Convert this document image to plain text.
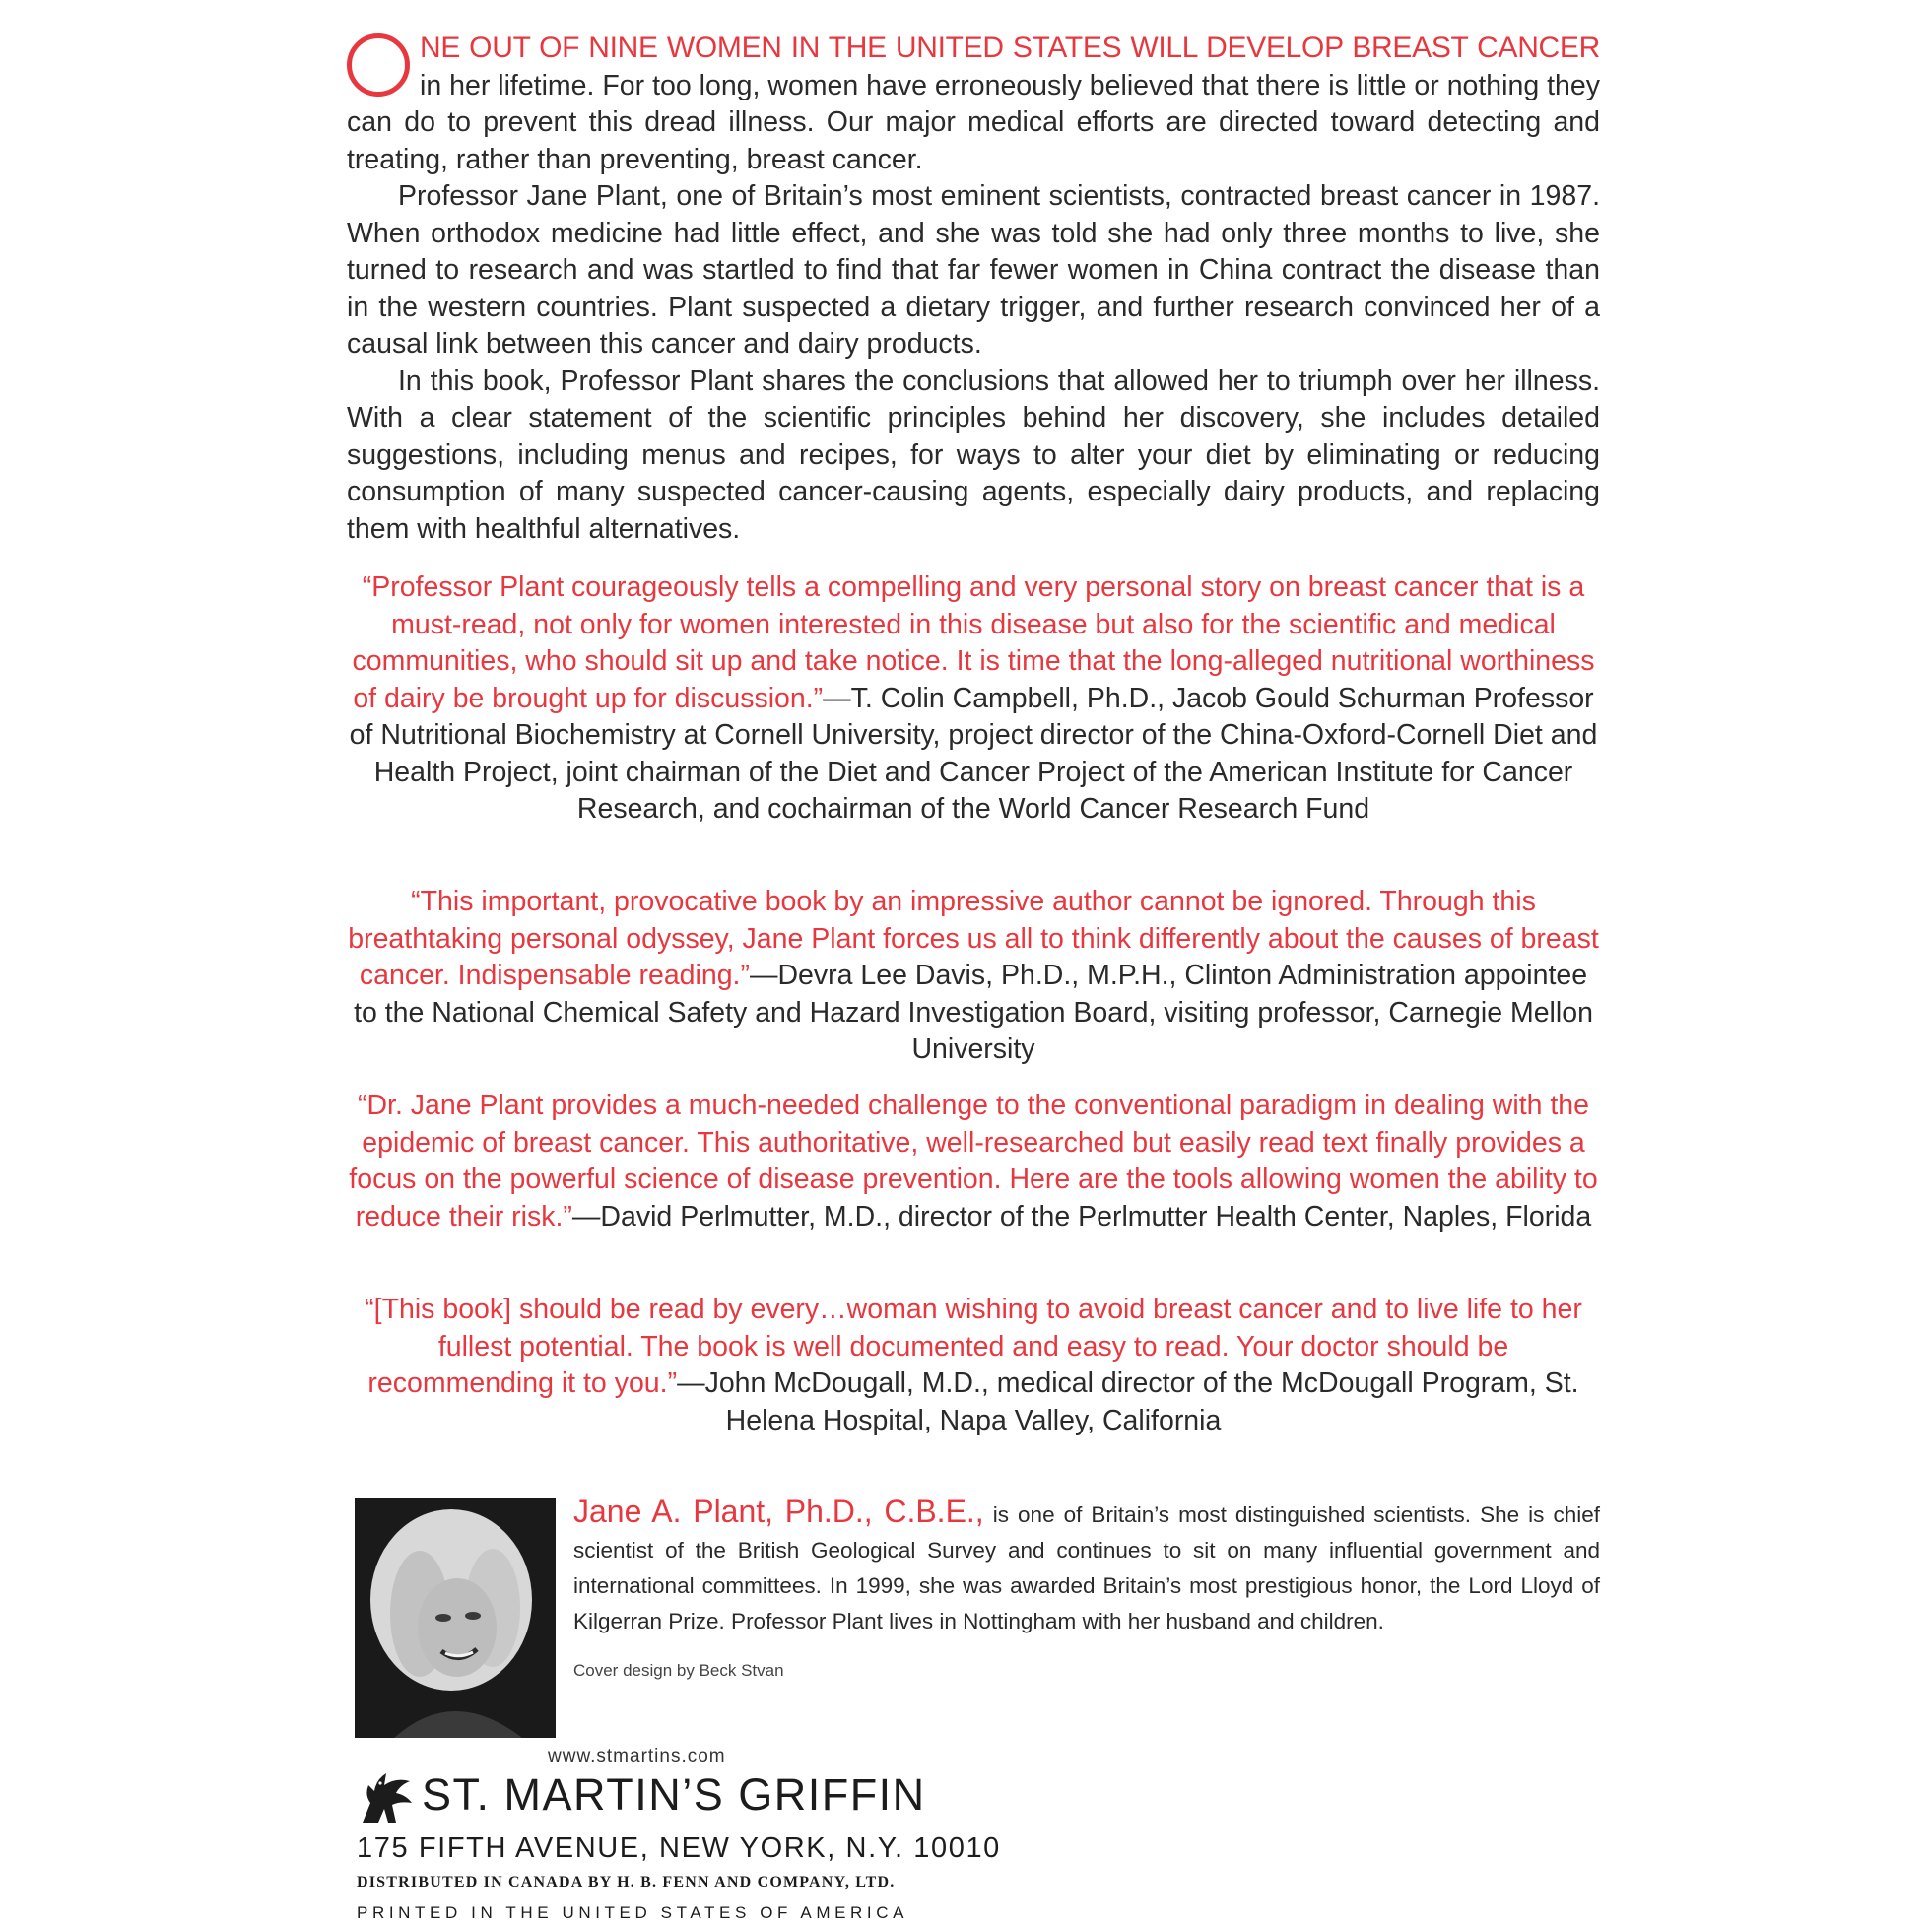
NE OUT OF NINE WOMEN IN THE UNITED STATES WILL DEVELOP BREAST CANCER in her lifetime. For too long, women have erroneously believed that there is little or nothing they can do to prevent this dread illness. Our major medical efforts are directed toward detecting and treating, rather than preventing, breast cancer.

Professor Jane Plant, one of Britain’s most eminent scientists, contracted breast cancer in 1987. When orthodox medicine had little effect, and she was told she had only three months to live, she turned to research and was startled to find that far fewer women in China contract the disease than in the western countries. Plant suspected a dietary trigger, and further research convinced her of a causal link between this cancer and dairy products.

In this book, Professor Plant shares the conclusions that allowed her to triumph over her illness. With a clear statement of the scientific principles behind her discovery, she includes detailed suggestions, including menus and recipes, for ways to alter your diet by eliminating or reducing consumption of many suspected cancer-causing agents, especially dairy products, and replacing them with healthful alternatives.

“Professor Plant courageously tells a compelling and very personal story on breast cancer that is a must-read, not only for women interested in this disease but also for the scientific and medical communities, who should sit up and take notice. It is time that the long-alleged nutritional worthiness of dairy be brought up for discussion.”—T. Colin Campbell, Ph.D., Jacob Gould Schurman Professor of Nutritional Biochemistry at Cornell University, project director of the China-Oxford-Cornell Diet and Health Project, joint chairman of the Diet and Cancer Project of the American Institute for Cancer Research, and cochairman of the World Cancer Research Fund
“This important, provocative book by an impressive author cannot be ignored. Through this breathtaking personal odyssey, Jane Plant forces us all to think differently about the causes of breast cancer. Indispensable reading.”—Devra Lee Davis, Ph.D., M.P.H., Clinton Administration appointee to the National Chemical Safety and Hazard Investigation Board, visiting professor, Carnegie Mellon University
“Dr. Jane Plant provides a much-needed challenge to the conventional paradigm in dealing with the epidemic of breast cancer. This authoritative, well-researched but easily read text finally provides a focus on the powerful science of disease prevention. Here are the tools allowing women the ability to reduce their risk.”—David Perlmutter, M.D., director of the Perlmutter Health Center, Naples, Florida
“[This book] should be read by every…woman wishing to avoid breast cancer and to live life to her fullest potential. The book is well documented and easy to read. Your doctor should be recommending it to you.”—John McDougall, M.D., medical director of the McDougall Program, St. Helena Hospital, Napa Valley, California
Jane A. Plant, Ph.D., C.B.E., is one of Britain’s most distinguished scientists. She is chief scientist of the British Geological Survey and continues to sit on many influential government and international committees. In 1999, she was awarded Britain’s most prestigious honor, the Lord Lloyd of Kilgerran Prize. Professor Plant lives in Nottingham with her husband and children.
Cover design by Beck Stvan
www.stmartins.com
ST. MARTIN’S GRIFFIN
175 FIFTH AVENUE, NEW YORK, N.Y. 10010
DISTRIBUTED IN CANADA BY H. B. FENN AND COMPANY, LTD.
PRINTED IN THE UNITED STATES OF AMERICA
